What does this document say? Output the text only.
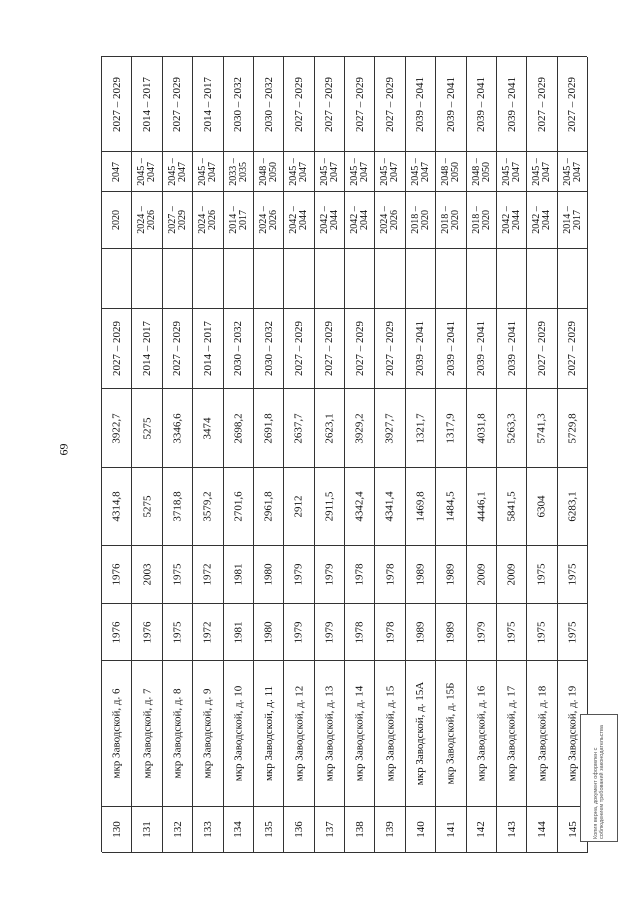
69
130
мкр Заводской, д. 6
1976
1976
4314,8
3922,7
2027 – 2029
2020
2047
2027 – 2029
131
мкр Заводской, д. 7
1976
2003
5275
5275
2014 – 2017
2024 – 2026
2045 – 2047
2014 – 2017
132
мкр Заводской, д. 8
1975
1975
3718,8
3346,6
2027 – 2029
2027 – 2029
2045 – 2047
2027 – 2029
133
мкр Заводской, д. 9
1972
1972
3579,2
3474
2014 – 2017
2024 – 2026
2045 – 2047
2014 – 2017
134
мкр Заводской, д. 10
1981
1981
2701,6
2698,2
2030 – 2032
2014 – 2017
2033 – 2035
2030 – 2032
135
мкр Заводской, д. 11
1980
1980
2961,8
2691,8
2030 – 2032
2024 – 2026
2048 – 2050
2030 – 2032
136
мкр Заводской, д. 12
1979
1979
2912
2637,7
2027 – 2029
2042 – 2044
2045 – 2047
2027 – 2029
137
мкр Заводской, д. 13
1979
1979
2911,5
2623,1
2027 – 2029
2042 – 2044
2045 – 2047
2027 – 2029
138
мкр Заводской, д. 14
1978
1978
4342,4
3929,2
2027 – 2029
2042 – 2044
2045 – 2047
2027 – 2029
139
мкр Заводской, д. 15
1978
1978
4341,4
3927,7
2027 – 2029
2024 – 2026
2045 – 2047
2027 – 2029
140
мкр Заводской, д. 15А
1989
1989
1469,8
1321,7
2039 – 2041
2018 – 2020
2045 – 2047
2039 – 2041
141
мкр Заводской, д. 15Б
1989
1989
1484,5
1317,9
2039 – 2041
2018 – 2020
2048 – 2050
2039 – 2041
142
мкр Заводской, д. 16
1979
2009
4446,1
4031,8
2039 – 2041
2018 – 2020
2048 – 2050
2039 – 2041
143
мкр Заводской, д. 17
1975
2009
5841,5
5263,3
2039 – 2041
2042 – 2044
2045 – 2047
2039 – 2041
144
мкр Заводской, д. 18
1975
1975
6304
5741,3
2027 – 2029
2042 – 2044
2045 – 2047
2027 – 2029
145
мкр Заводской, д. 19
1975
1975
6283,1
5729,8
2027 – 2029
2014 – 2017
2045 – 2047
2027 – 2029
Копия верна, документ оформлен с соблюдением требований законодательства
